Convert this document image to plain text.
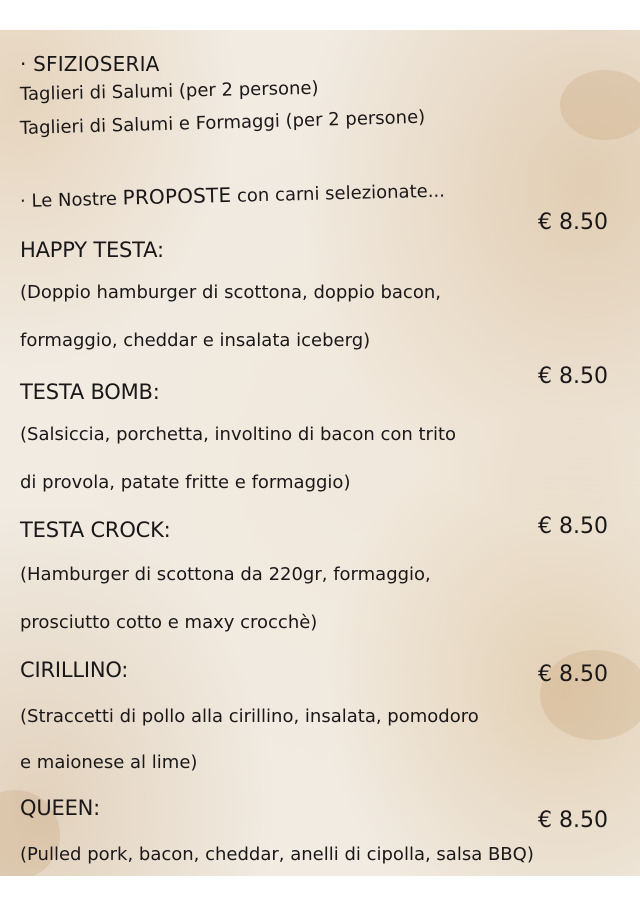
· SFIZIOSERIA
Taglieri di Salumi (per 2 persone)
Taglieri di Salumi e Formaggi (per 2 persone)
· Le Nostre PROPOSTE con carni selezionate...
€ 8.50
HAPPY TESTA:
(Doppio hamburger di scottona, doppio bacon,
formaggio, cheddar e insalata iceberg)
€ 8.50
TESTA BOMB:
(Salsiccia, porchetta, involtino di bacon con trito
di provola, patate fritte e formaggio)
€ 8.50
TESTA CROCK:
(Hamburger di scottona da 220gr, formaggio,
prosciutto cotto e maxy crocchè)
CIRILLINO:	€ 8.50
(Straccetti di pollo alla cirillino, insalata, pomodoro
e maionese al lime)
QUEEN:	€ 8.50
(Pulled pork, bacon, cheddar, anelli di cipolla, salsa BBQ)
